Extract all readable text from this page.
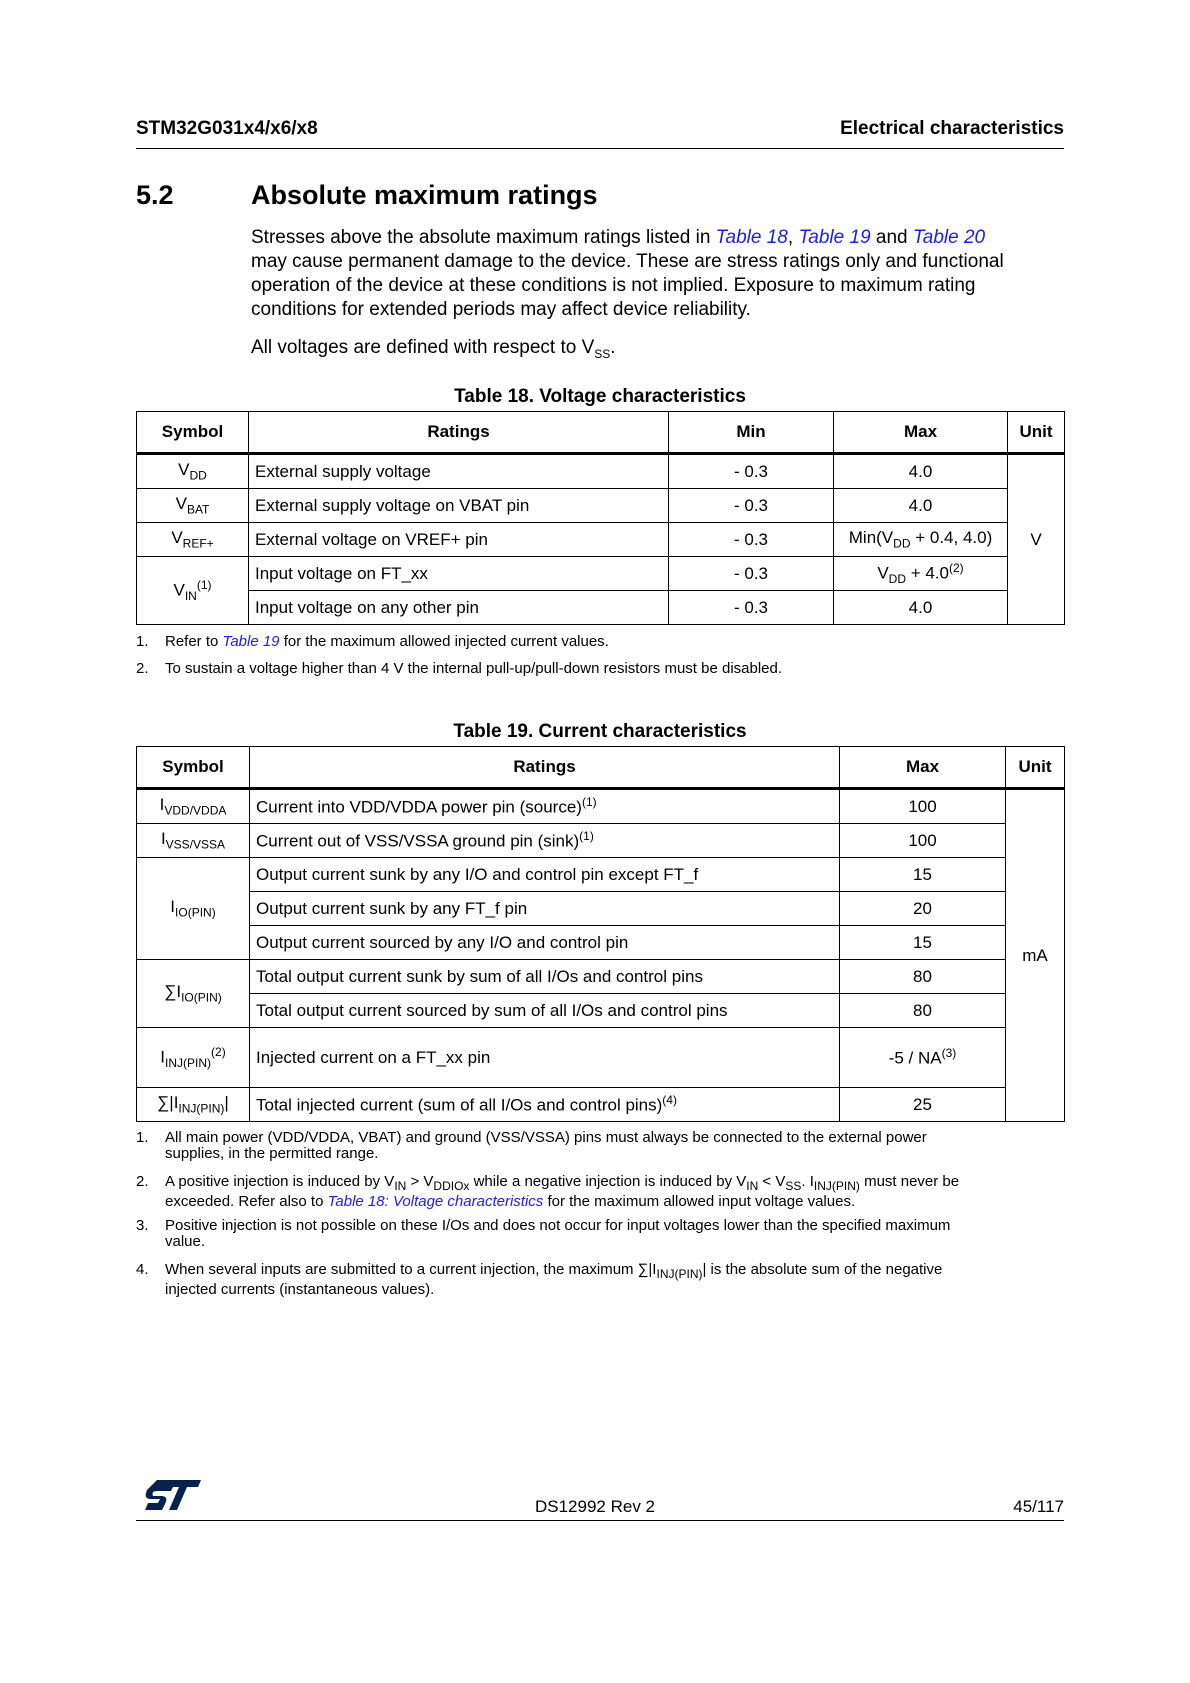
STM32G031x4/x6/x8	Electrical characteristics
5.2	Absolute maximum ratings
Stresses above the absolute maximum ratings listed in Table 18, Table 19 and Table 20
may cause permanent damage to the device. These are stress ratings only and functional
operation of the device at these conditions is not implied. Exposure to maximum rating
conditions for extended periods may affect device reliability.
All voltages are defined with respect to $V_{SS}$.
Table 18. Voltage characteristics
Symbol	Ratings	Min	Max	Unit
$V_{DD}$	External supply voltage	- 0.3	4.0	V
$V_{BAT}$	External supply voltage on VBAT pin	- 0.3	4.0	
$V_{REF+}$	External voltage on VREF+ pin	- 0.3	$Min(V_{DD} + 0.4$, 4.0)	
$V_{IN}^{(1)}$	Input voltage on FT_xx	- 0.3	$V_{DD} + 4.0^{(2)}$
	Input voltage on any other pin	- 0.3	4.0	
1. Refer to Table 19 for the maximum allowed injected current values.
2. To sustain a voltage higher than 4 V the internal pull-up/pull-down resistors must be disabled.
Table 19. Current characteristics
Symbol	Ratings	Max	Unit
$I_{VDD/VDDA}$	Current into VDD/VDDA power pin (source)$^{(1)}$	100	mA
$I_{VSS/VSSA}$	Current out of VSS/VSSA ground pin $(\sin k)^{(1)}$	100	
$I_{IO(PIN)}$	Output current sunk by any I/O and control pin except FT_f	15	
	Output current sunk by any FT_f pin	20	
	Output current sourced by any I/O and control pin	15	
$\sum I_{IO(PIN)}$	Total output current sunk by sum of all I/Os and control pins	80	
	Total output current sourced by sum of all I/Os and control pins	80	
$I_{INJ(PIN)}^{(2)}$	Injected current on a FT_xx pin	-5 / NA$^{(3)}$
$\sum|I_{INJ(PIN)}|$	Total injected current (sum of all I/Os and control pins)$^{(4)}$	25	
1. All main power (VDD/VDDA, VBAT) and ground (VSS/VSSA) pins must always be connected to the external power
supplies, in the permitted range.
2. A positive injection is induced by $V_{IN} > V_{DDIOx}$ while a negative injection is induced by $V_{IN} < V_{SS}$. $I_{INJ(PIN)}$ must never be
exceeded. Refer also to Table 18: Voltage characteristics for the maximum allowed input voltage values.
3. Positive injection is not possible on these I/Os and does not occur for input voltages lower than the specified maximum
value.
4. When several inputs are submitted to a current injection, the maximum $\sum|I_{INJ(PIN)}|$ is the absolute sum of the negative
injected currents (instantaneous values).
DS12992 Rev 2	45/117
